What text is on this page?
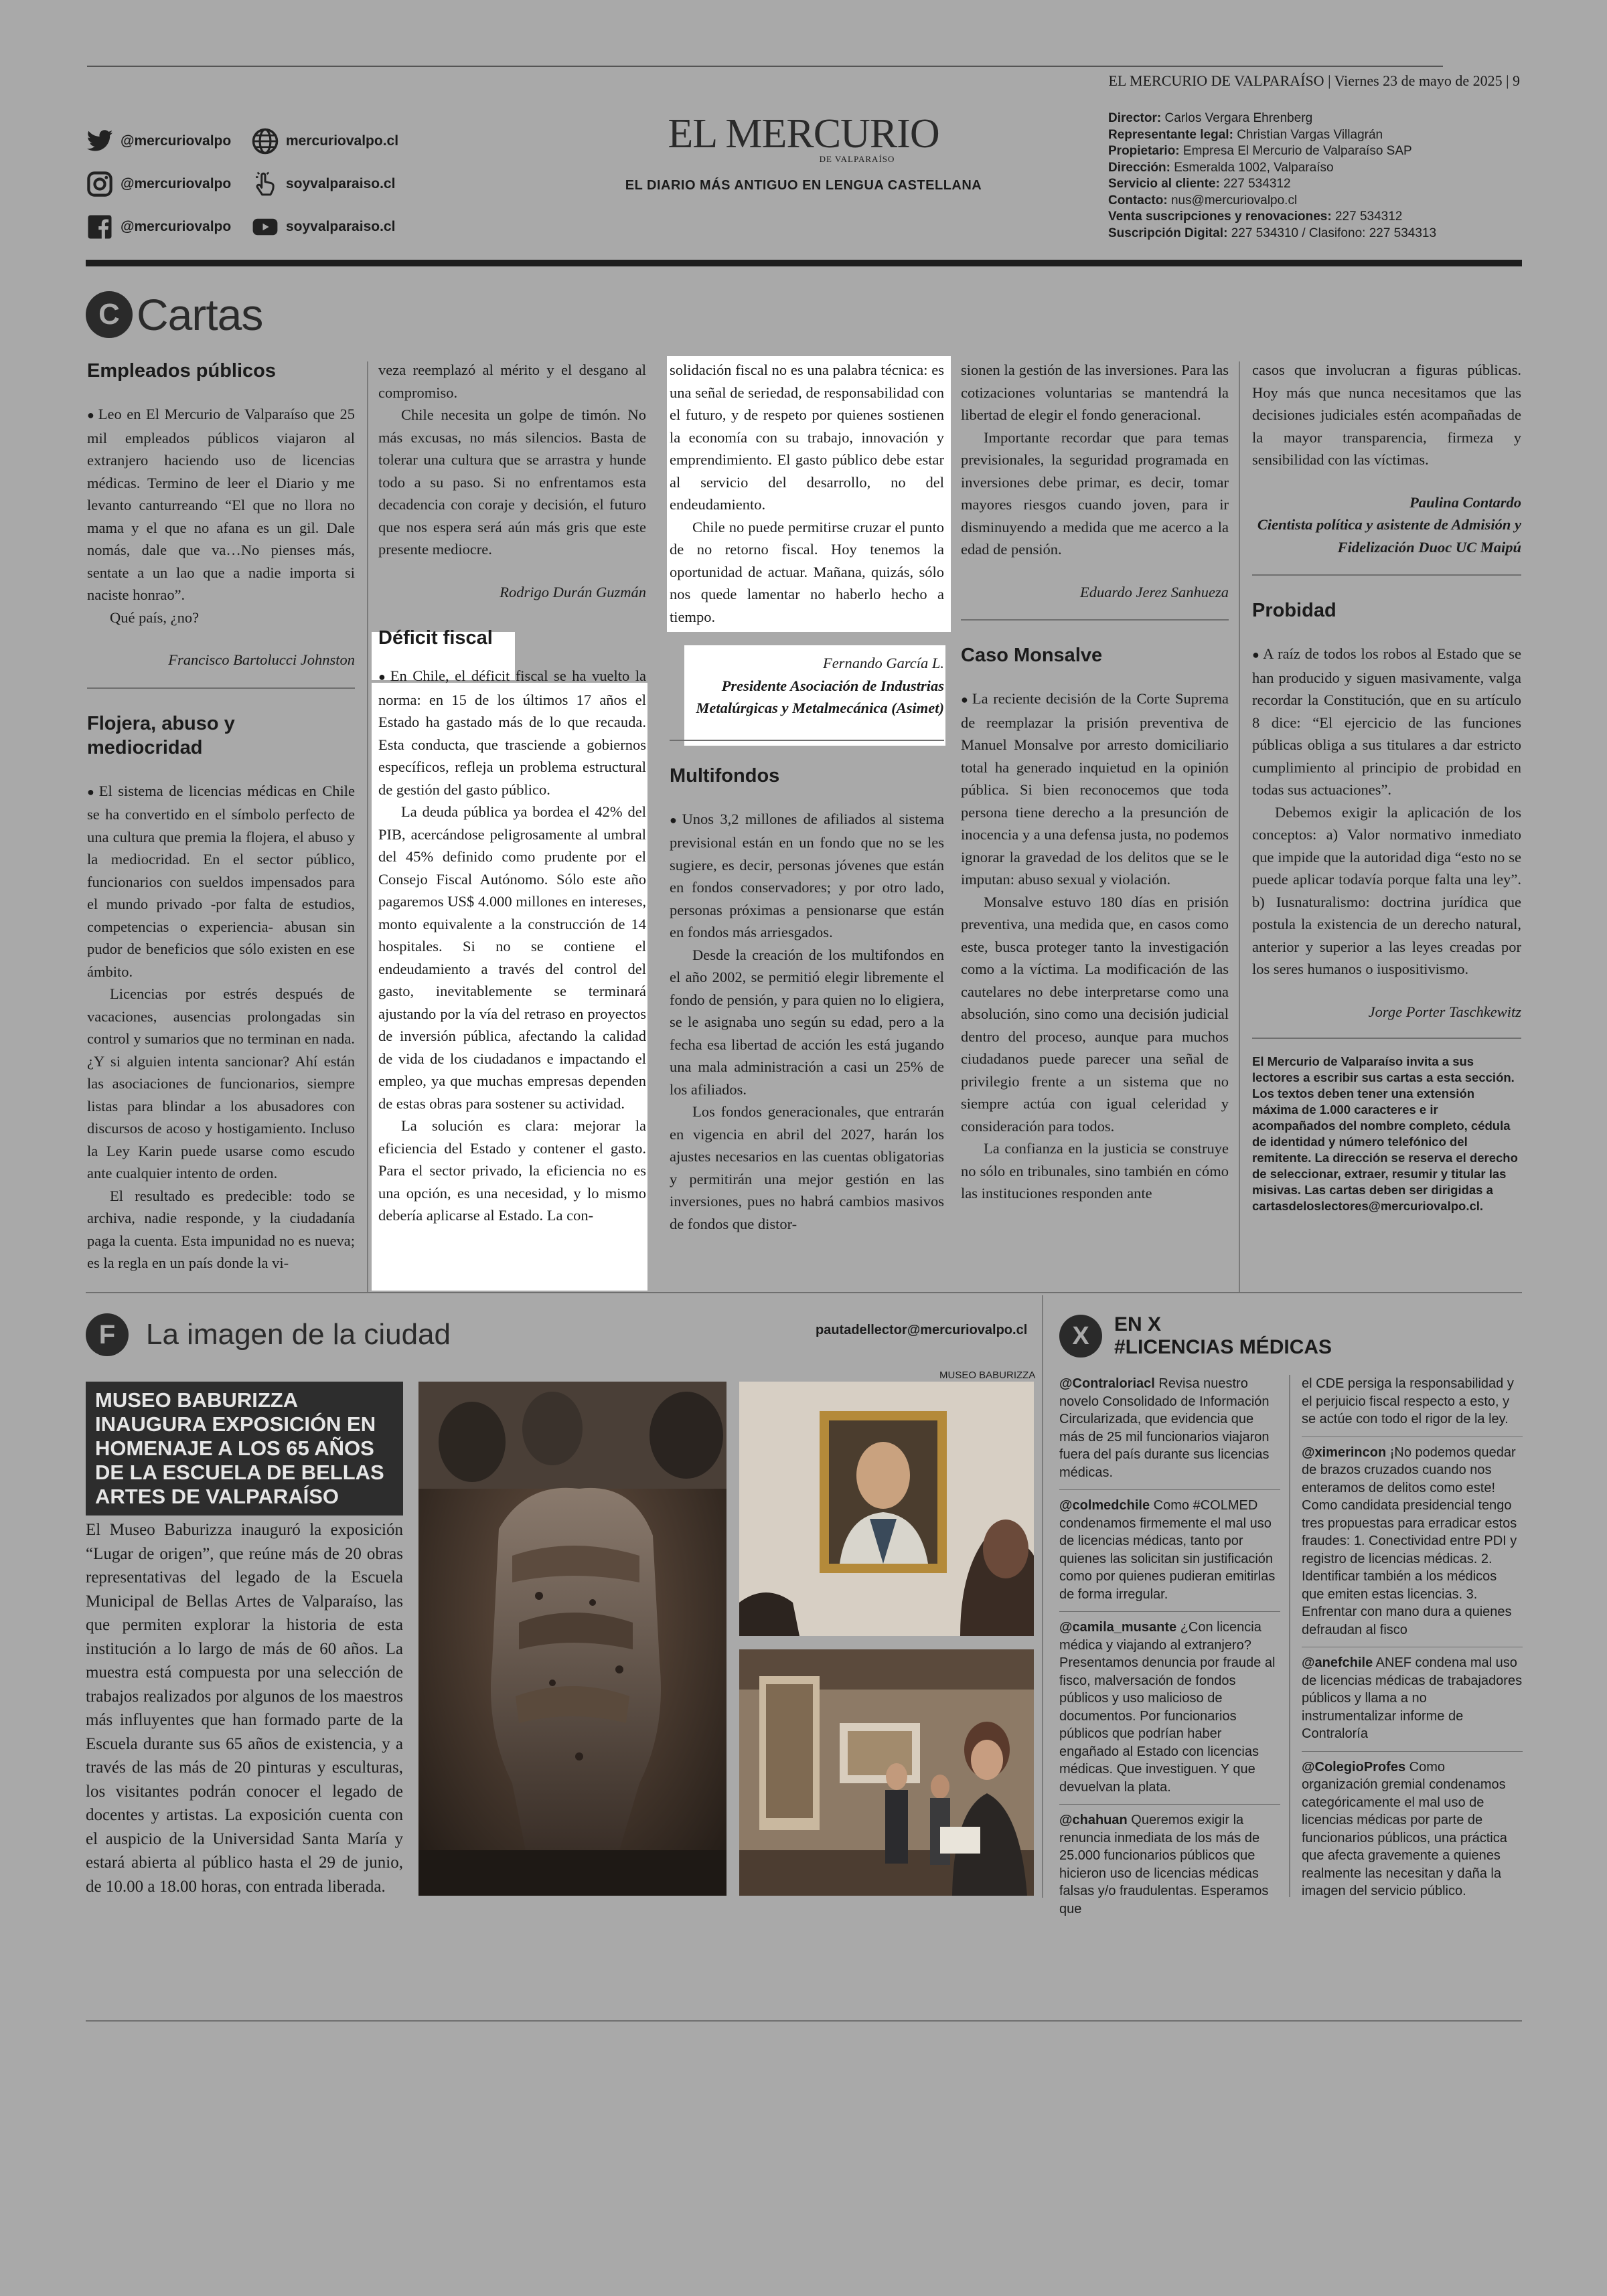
EL MERCURIO DE VALPARAÍSO | Viernes 23 de mayo de 2025 | 9
@mercuriovalpo
@mercuriovalpo
@mercuriovalpo
mercuriovalpo.cl
soyvalparaiso.cl
soyvalparaiso.cl
EL MERCURIO
DE VALPARAÍSO
EL DIARIO MÁS ANTIGUO EN LENGUA CASTELLANA
Director: Carlos Vergara Ehrenberg
Representante legal: Christian Vargas Villagrán
Propietario: Empresa El Mercurio de Valparaíso SAP
Dirección: Esmeralda 1002, Valparaíso
Servicio al cliente: 227 534312
Contacto: nus@mercuriovalpo.cl
Venta suscripciones y renovaciones: 227 534312
Suscripción Digital: 227 534310 / Clasifono: 227 534313
C Cartas
Empleados públicos

● Leo en El Mercurio de Valparaíso que 25 mil empleados públicos viajaron al extranjero haciendo uso de licencias médicas. Termino de leer el Diario y me levanto canturreando “El que no llora no mama y el que no afana es un gil. Dale nomás, dale que va…No pienses más, sentate a un lao que a nadie importa si naciste honrao”.

Qué país, ¿no?

Francisco Bartolucci Johnston

Flojera, abuso y mediocridad

● El sistema de licencias médicas en Chile se ha convertido en el símbolo perfecto de una cultura que premia la flojera, el abuso y la mediocridad. En el sector público, funcionarios con sueldos impensados para el mundo privado -por falta de estudios, competencias o experiencia- abusan sin pudor de beneficios que sólo existen en ese ámbito.

Licencias por estrés después de vacaciones, ausencias prolongadas sin control y sumarios que no terminan en nada. ¿Y si alguien intenta sancionar? Ahí están las asociaciones de funcionarios, siempre listas para blindar a los abusadores con discursos de acoso y hostigamiento. Incluso la Ley Karin puede usarse como escudo ante cualquier intento de orden.

El resultado es predecible: todo se archiva, nadie responde, y la ciudadanía paga la cuenta. Esta impunidad no es nueva; es la regla en un país donde la vi-

veza reemplazó al mérito y el desgano al compromiso.

Chile necesita un golpe de timón. No más excusas, no más silencios. Basta de tolerar una cultura que se arrastra y hunde todo a su paso. Si no enfrentamos esta decadencia con coraje y decisión, el futuro que nos espera será aún más gris que este presente mediocre.

Rodrigo Durán Guzmán

Déficit fiscal

● En Chile, el déficit fiscal se ha vuelto la norma: en 15 de los últimos 17 años el Estado ha gastado más de lo que recauda. Esta conducta, que trasciende a gobiernos específicos, refleja un problema estructural de gestión del gasto público.

La deuda pública ya bordea el 42% del PIB, acercándose peligrosamente al umbral del 45% definido como prudente por el Consejo Fiscal Autónomo. Sólo este año pagaremos US$ 4.000 millones en intereses, monto equivalente a la construcción de 14 hospitales. Si no se contiene el endeudamiento a través del control del gasto, inevitablemente se terminará ajustando por la vía del retraso en proyectos de inversión pública, afectando la calidad de vida de los ciudadanos e impactando el empleo, ya que muchas empresas dependen de estas obras para sostener su actividad.

La solución es clara: mejorar la eficiencia del Estado y contener el gasto. Para el sector privado, la eficiencia no es una opción, es una necesidad, y lo mismo debería aplicarse al Estado. La con-

solidación fiscal no es una palabra técnica: es una señal de seriedad, de responsabilidad con el futuro, y de respeto por quienes sostienen la economía con su trabajo, innovación y emprendimiento. El gasto público debe estar al servicio del desarrollo, no del endeudamiento.

Chile no puede permitirse cruzar el punto de no retorno fiscal. Hoy tenemos la oportunidad de actuar. Mañana, quizás, sólo nos quede lamentar no haberlo hecho a tiempo.

Fernando García L.

Presidente Asociación de Industrias Metalúrgicas y Metalmecánica (Asimet)

Multifondos

● Unos 3,2 millones de afiliados al sistema previsional están en un fondo que no se les sugiere, es decir, personas jóvenes que están en fondos conservadores; y por otro lado, personas próximas a pensionarse que están en fondos más arriesgados.

Desde la creación de los multifondos en el año 2002, se permitió elegir libremente el fondo de pensión, y para quien no lo eligiera, se le asignaba uno según su edad, pero a la fecha esa libertad de acción les está jugando una mala administración a casi un 25% de los afiliados.

Los fondos generacionales, que entrarán en vigencia en abril del 2027, harán los ajustes necesarios en las cuentas obligatorias y permitirán una mejor gestión en las inversiones, pues no habrá cambios masivos de fondos que distor-

sionen la gestión de las inversiones. Para las cotizaciones voluntarias se mantendrá la libertad de elegir el fondo generacional.

Importante recordar que para temas previsionales, la seguridad programada en inversiones debe primar, es decir, tomar mayores riesgos cuando joven, para ir disminuyendo a medida que me acerco a la edad de pensión.

Eduardo Jerez Sanhueza

Caso Monsalve

● La reciente decisión de la Corte Suprema de reemplazar la prisión preventiva de Manuel Monsalve por arresto domiciliario total ha generado inquietud en la opinión pública. Si bien reconocemos que toda persona tiene derecho a la presunción de inocencia y a una defensa justa, no podemos ignorar la gravedad de los delitos que se le imputan: abuso sexual y violación.

Monsalve estuvo 180 días en prisión preventiva, una medida que, en casos como este, busca proteger tanto la investigación como a la víctima. La modificación de las cautelares no debe interpretarse como una absolución, sino como una decisión judicial dentro del proceso, aunque para muchos ciudadanos puede parecer una señal de privilegio frente a un sistema que no siempre actúa con igual celeridad y consideración para todos.

La confianza en la justicia se construye no sólo en tribunales, sino también en cómo las instituciones responden ante

casos que involucran a figuras públicas. Hoy más que nunca necesitamos que las decisiones judiciales estén acompañadas de la mayor transparencia, firmeza y sensibilidad con las víctimas.

Paulina Contardo

Cientista política y asistente de Admisión y Fidelización Duoc UC Maipú

Probidad

● A raíz de todos los robos al Estado que se han producido y siguen masivamente, valga recordar la Constitución, que en su artículo 8 dice: “El ejercicio de las funciones públicas obliga a sus titulares a dar estricto cumplimiento al principio de probidad en todas sus actuaciones”.

Debemos exigir la aplicación de los conceptos: a) Valor normativo inmediato que impide que la autoridad diga “esto no se puede aplicar todavía porque falta una ley”. b) Iusnaturalismo: doctrina jurídica que postula la existencia de un derecho natural, anterior y superior a las leyes creadas por los seres humanos o iuspositivismo.

Jorge Porter Taschkewitz

El Mercurio de Valparaíso invita a sus lectores a escribir sus cartas a esta sección. Los textos deben tener una extensión máxima de 1.000 caracteres e ir acompañados del nombre completo, cédula de identidad y número telefónico del remitente. La dirección se reserva el derecho de seleccionar, extraer, resumir y titular las misivas. Las cartas deben ser dirigidas a cartasdeloslectores@mercuriovalpo.cl.
F	La imagen de la ciudad	pautadellector@mercuriovalpo.cl
MUSEO BABURIZZA
MUSEO BABURIZZA INAUGURA EXPOSICIÓN EN HOMENAJE A LOS 65 AÑOS DE LA ESCUELA DE BELLAS ARTES DE VALPARAÍSO
El Museo Baburizza inauguró la exposición “Lugar de origen”, que reúne más de 20 obras representativas del legado de la Escuela Municipal de Bellas Artes de Valparaíso, las que permiten explorar la historia de esta institución a lo largo de más de 60 años. La muestra está compuesta por una selección de trabajos realizados por algunos de los maestros más influyentes que han formado parte de la Escuela durante sus 65 años de existencia, y a través de las más de 20 pinturas y esculturas, los visitantes podrán conocer el legado de docentes y artistas. La exposición cuenta con el auspicio de la Universidad Santa María y estará abierta al público hasta el 29 de junio, de 10.00 a 18.00 horas, con entrada liberada.
X	EN X
#LICENCIAS MÉDICAS
@Contraloriacl Revisa nuestro novelo Consolidado de Información Circularizada, que evidencia que más de 25 mil funcionarios viajaron fuera del país durante sus licencias médicas.
@colmedchile Como #COLMED condenamos firmemente el mal uso de licencias médicas, tanto por quienes las solicitan sin justificación como por quienes pudieran emitirlas de forma irregular.
@camila_musante ¿Con licencia médica y viajando al extranjero? Presentamos denuncia por fraude al fisco, malversación de fondos públicos y uso malicioso de documentos. Por funcionarios públicos que podrían haber engañado al Estado con licencias médicas. Que investiguen. Y que devuelvan la plata.
@chahuan Queremos exigir la renuncia inmediata de los más de 25.000 funcionarios públicos que hicieron uso de licencias médicas falsas y/o fraudulentas. Esperamos que
el CDE persiga la responsabilidad y el perjuicio fiscal respecto a esto, y se actúe con todo el rigor de la ley.
@ximerincon ¡No podemos quedar de brazos cruzados cuando nos enteramos de delitos como este! Como candidata presidencial tengo tres propuestas para erradicar estos fraudes: 1. Conectividad entre PDI y registro de licencias médicas. 2. Identificar también a los médicos que emiten estas licencias. 3. Enfrentar con mano dura a quienes defraudan al fisco
@anefchile ANEF condena mal uso de licencias médicas de trabajadores públicos y llama a no instrumentalizar informe de Contraloría
@ColegioProfes Como organización gremial condenamos categóricamente el mal uso de licencias médicas por parte de funcionarios públicos, una práctica que afecta gravemente a quienes realmente las necesitan y daña la imagen del servicio público.
